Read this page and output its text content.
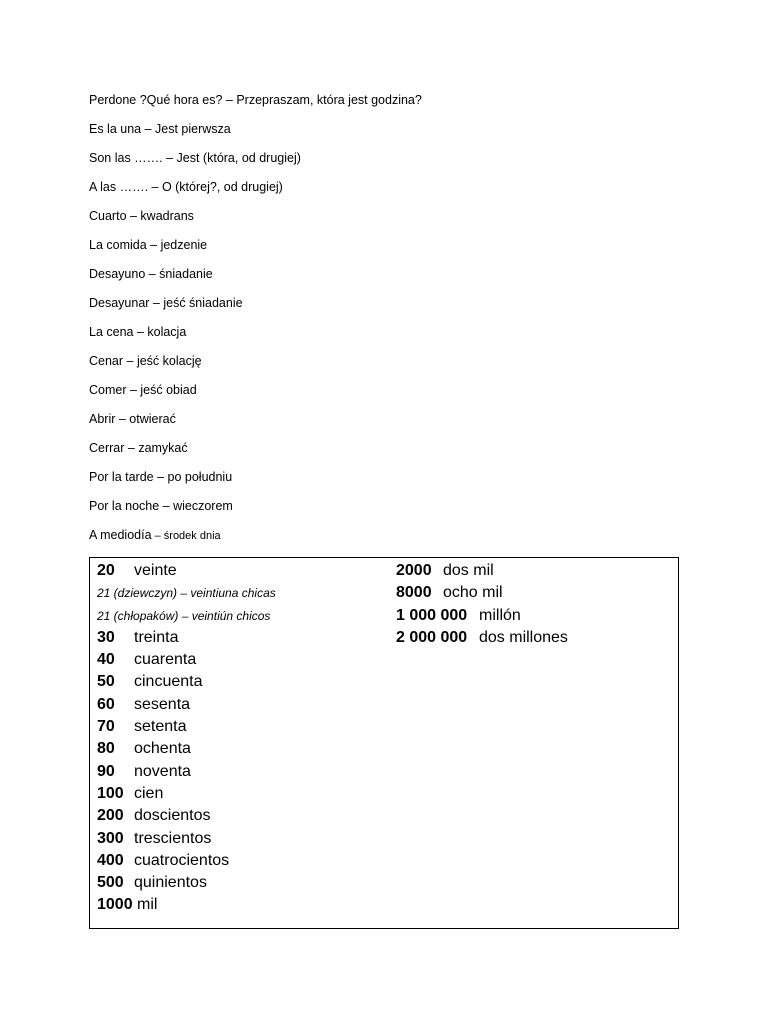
Perdone ?Qué hora es? – Przepraszam, która jest godzina?
Es la una – Jest pierwsza
Son las ……. – Jest (która, od drugiej)
A las ……. – O (której?, od drugiej)
Cuarto – kwadrans
La comida – jedzenie
Desayuno – śniadanie
Desayunar – jeść śniadanie
La cena – kolacja
Cenar – jeść kolację
Comer – jeść obiad
Abrir – otwierać
Cerrar – zamykać
Por la tarde – po południu
Por la noche – wieczorem
A mediodía – środek dnia
20 veinte
21 (dziewczyn) – veintiuna chicas
21 (chłopaków) – veintiún chicos
30 treinta
40 cuarenta
50 cincuenta
60 sesenta
70 setenta
80 ochenta
90 noventa
100 cien
200 doscientos
300 trescientos
400 cuatrocientos
500 quinientos
1000 mil
2000 dos mil
8000 ocho mil
1 000 000 millón
2 000 000 dos millones
